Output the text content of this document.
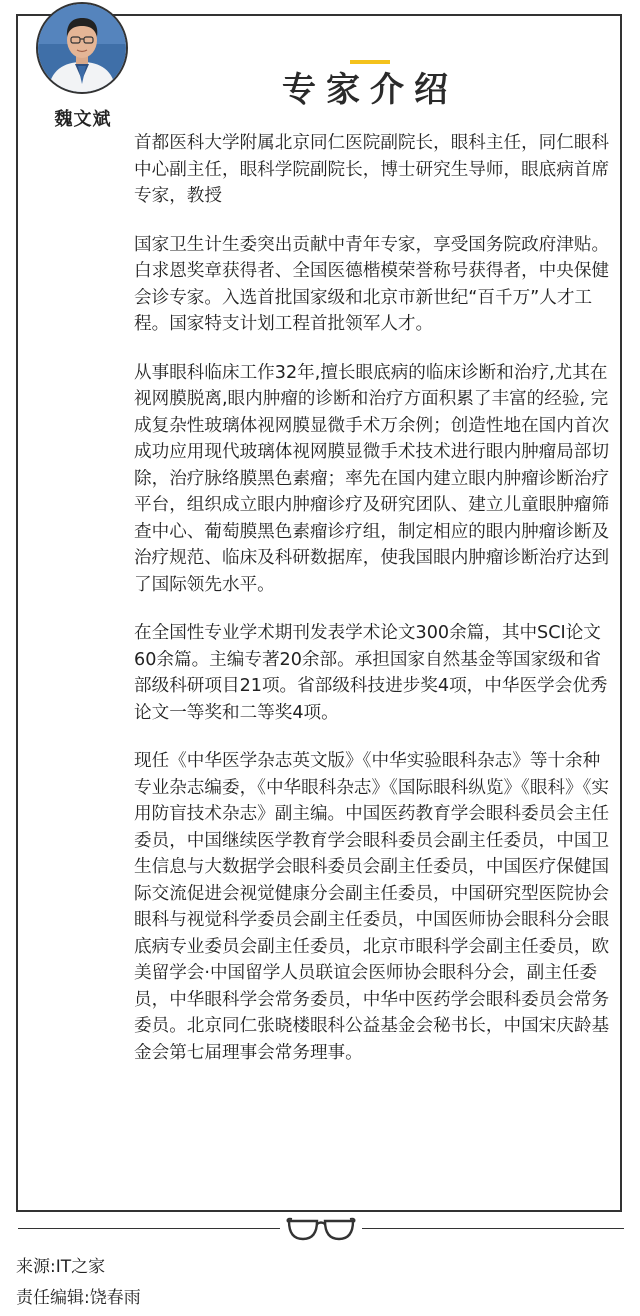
魏文斌
专家介绍

首都医科大学附属北京同仁医院副院长，眼科主任，同仁眼科中心副主任，眼科学院副院长，博士研究生导师，眼底病首席专家，教授

国家卫生计生委突出贡献中青年专家，享受国务院政府津贴。白求恩奖章获得者、全国医德楷模荣誉称号获得者，中央保健会诊专家。入选首批国家级和北京市新世纪“百千万”人才工程。国家特支计划工程首批领军人才。

从事眼科临床工作32年,擅长眼底病的临床诊断和治疗,尤其在视网膜脱离,眼内肿瘤的诊断和治疗方面积累了丰富的经验, 完成复杂性玻璃体视网膜显微手术万余例；创造性地在国内首次成功应用现代玻璃体视网膜显微手术技术进行眼内肿瘤局部切除，治疗脉络膜黑色素瘤；率先在国内建立眼内肿瘤诊断治疗平台，组织成立眼内肿瘤诊疗及研究团队、建立儿童眼肿瘤筛查中心、葡萄膜黑色素瘤诊疗组，制定相应的眼内肿瘤诊断及治疗规范、临床及科研数据库，使我国眼内肿瘤诊断治疗达到了国际领先水平。

在全国性专业学术期刊发表学术论文300余篇，其中SCI论文60余篇。主编专著20余部。承担国家自然基金等国家级和省部级科研项目21项。省部级科技进步奖4项，中华医学会优秀论文一等奖和二等奖4项。

现任《中华医学杂志英文版》《中华实验眼科杂志》等十余种专业杂志编委，《中华眼科杂志》《国际眼科纵览》《眼科》《实用防盲技术杂志》副主编。中国医药教育学会眼科委员会主任委员，中国继续医学教育学会眼科委员会副主任委员，中国卫生信息与大数据学会眼科委员会副主任委员，中国医疗保健国际交流促进会视觉健康分会副主任委员，中国研究型医院协会眼科与视觉科学委员会副主任委员，中国医师协会眼科分会眼底病专业委员会副主任委员，北京市眼科学会副主任委员，欧美留学会·中国留学人员联谊会医师协会眼科分会，副主任委员，中华眼科学会常务委员，中华中医药学会眼科委员会常务委员。北京同仁张晓楼眼科公益基金会秘书长，中国宋庆龄基金会第七届理事会常务理事。

来源:IT之家
责任编辑:饶春雨
